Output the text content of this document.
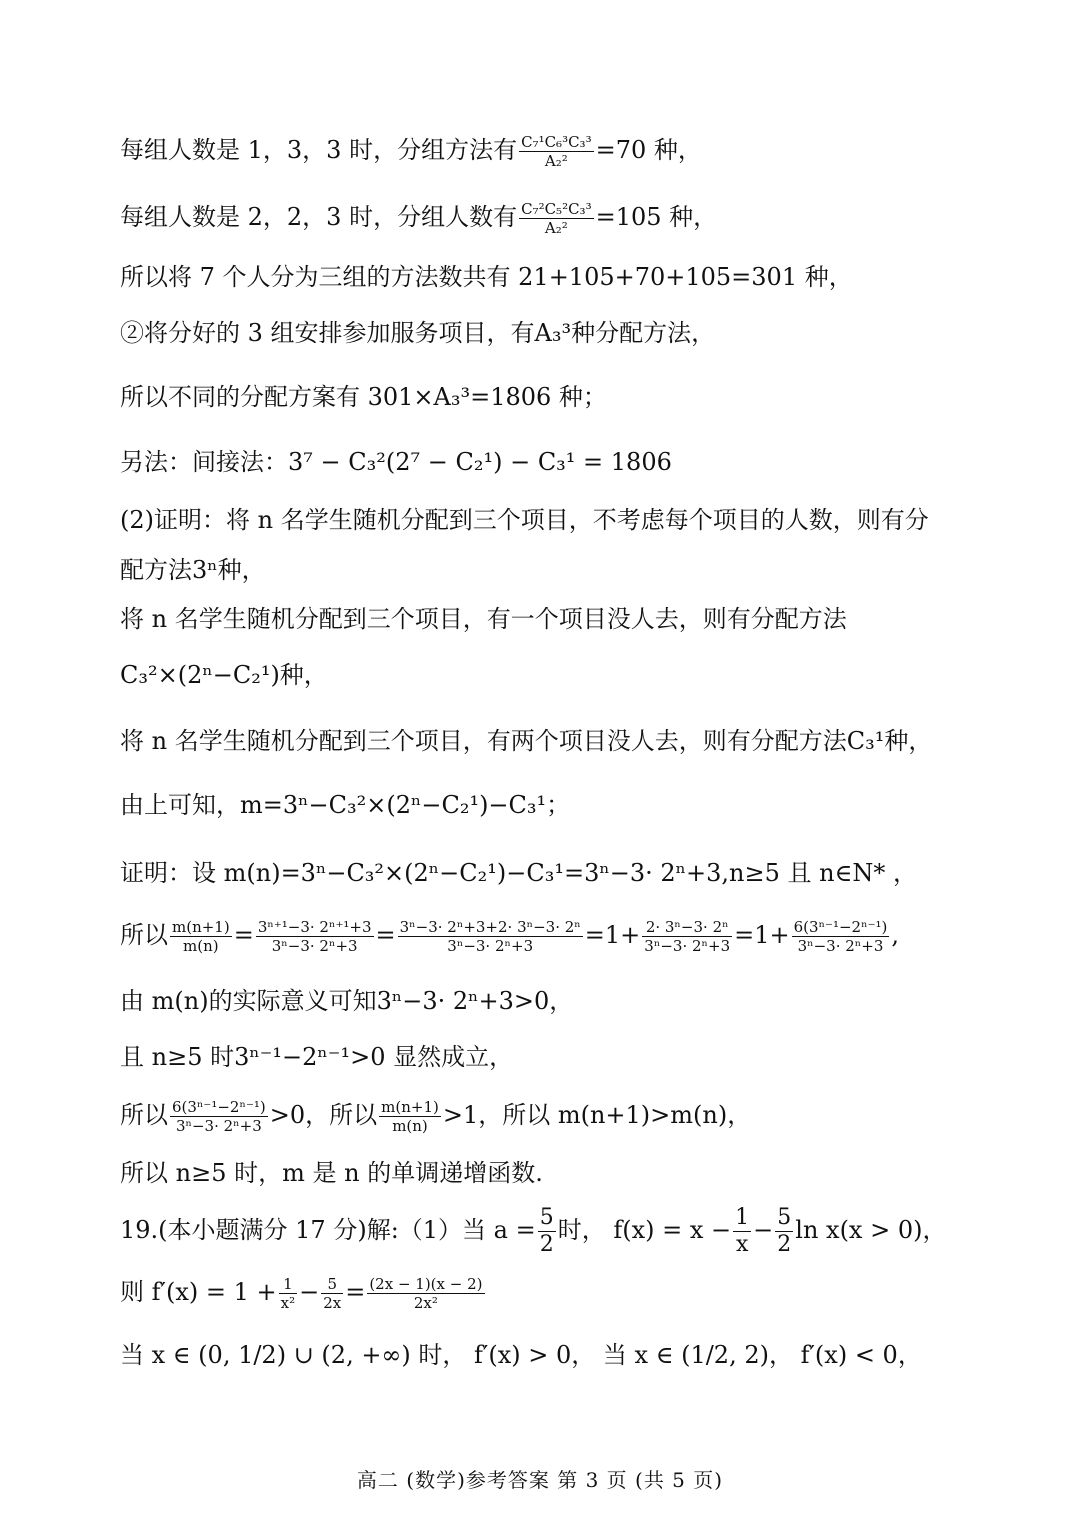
每组人数是 1，3，3 时，分组方法有 $\frac{\text{C₇¹C₆³C₃³}}{\text{A₂²}} =70$ 种，
每组人数是 2，2，3 时，分组人数有 $\frac{\text{C₇²C₅²C₃³}}{\text{A₂²}} =105$ 种，
所以将 7 个人分为三组的方法数共有 21+105+70+105=301 种，
②将分好的 3 组安排参加服务项目，有A₃³种分配方法，
所以不同的分配方案有 301×A₃³=1806 种；
另法：间接法：3⁷ − C₃²(2⁷ − C₂¹) − C₃¹ = 1806
(2)证明：将 n 名学生随机分配到三个项目，不考虑每个项目的人数，则有分
配方法3ⁿ种，
将 n 名学生随机分配到三个项目，有一个项目没人去，则有分配方法
C₃²×(2ⁿ−C₂¹)种，
将 n 名学生随机分配到三个项目，有两个项目没人去，则有分配方法C₃¹种，
由上可知，m=3ⁿ−C₃²×(2ⁿ−C₂¹)−C₃¹；
证明：设 m(n)=3ⁿ−C₃²×(2ⁿ−C₂¹)−C₃¹=3ⁿ−3· 2ⁿ+3,n≥5 且 n∈N* ，
所以 $\frac{m(n+1)}{m(n)} = \frac{\text{3ⁿ⁺¹−3· 2ⁿ⁺¹+3}}{\text{3ⁿ−3· 2ⁿ+3}} = \frac{\text{3ⁿ−3· 2ⁿ+3+2· 3ⁿ−3· 2ⁿ}}{\text{3ⁿ−3· 2ⁿ+3}} =1+ \frac{\text{2· 3ⁿ−3· 2ⁿ}}{\text{3ⁿ−3· 2ⁿ+3}} =1+ \frac{\text{6(3ⁿ⁻¹−2ⁿ⁻¹)}}{\text{3ⁿ−3· 2ⁿ+3}}$ ,
由 m(n)的实际意义可知3ⁿ−3· 2ⁿ+3>0，
且 n≥5 时3ⁿ⁻¹−2ⁿ⁻¹>0 显然成立，
所以 $\frac{\text{6(3ⁿ⁻¹−2ⁿ⁻¹)}}{\text{3ⁿ−3· 2ⁿ+3}} >0$，所以 $\frac{m(n+1)}{m(n)} >1$，所以 m(n+1)>m(n)，
所以 n≥5 时，m 是 n 的单调递增函数.
19.(本小题满分 17 分)解:（1）当 $a = \frac{5}{2}$ 时， $f(x) = x - \frac{1}{x} - \frac{5}{2}$ ln x(x > 0)，
则 $f'(x) = 1 + \frac{1}{\text{x²}} - \frac{5}{2x} = \frac{(2x - 1)(x - 2)}{\text{2x²}}$
当 x ∈ (0, 1/2) ∪ (2, +∞) 时， f′(x) > 0， 当 x ∈ (1/2, 2)， f′(x) < 0，
高二 (数学)参考答案 第 3 页 (共 5 页)
